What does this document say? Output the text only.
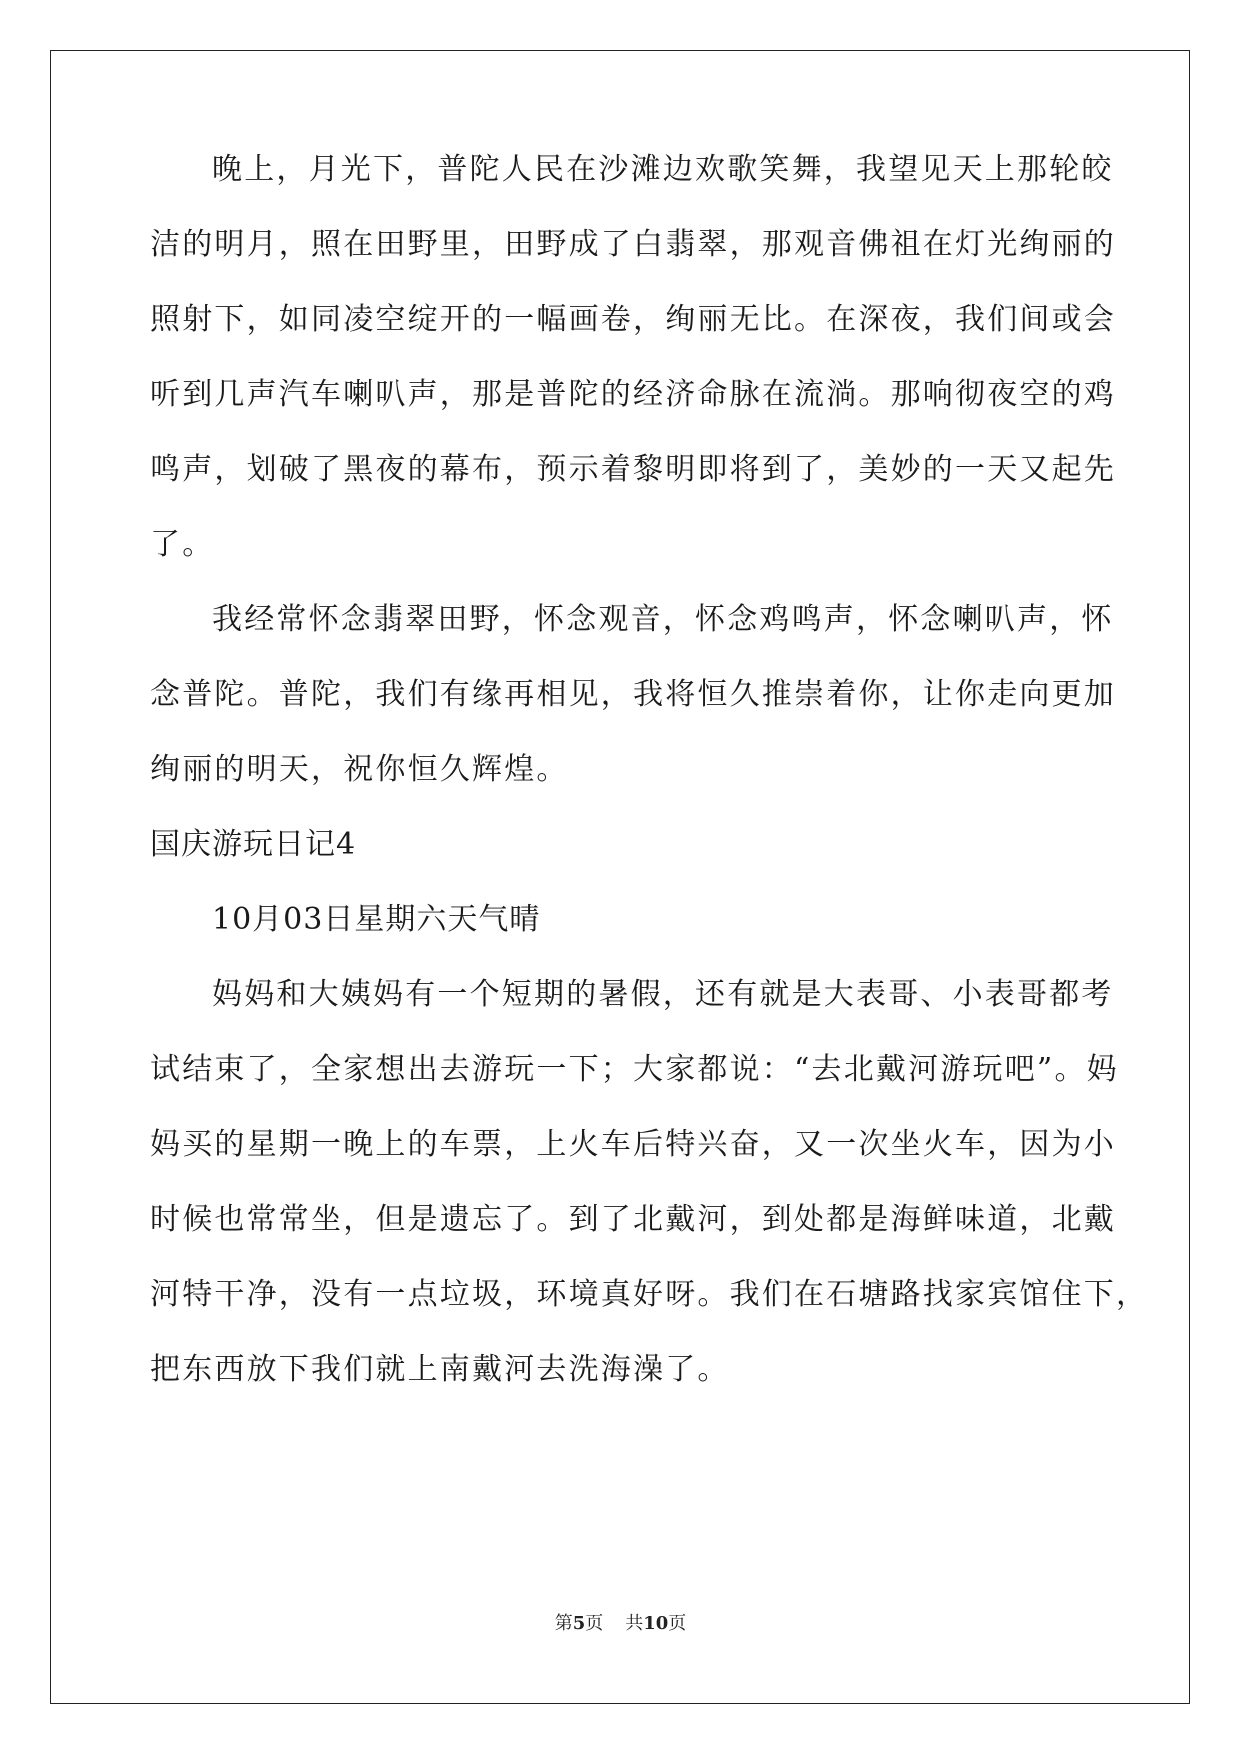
晚上，月光下，普陀人民在沙滩边欢歌笑舞，我望见天上那轮皎
洁的明月，照在田野里，田野成了白翡翠，那观音佛祖在灯光绚丽的
照射下，如同凌空绽开的一幅画卷，绚丽无比。在深夜，我们间或会
听到几声汽车喇叭声，那是普陀的经济命脉在流淌。那响彻夜空的鸡
鸣声，划破了黑夜的幕布，预示着黎明即将到了，美妙的一天又起先
了。
我经常怀念翡翠田野，怀念观音，怀念鸡鸣声，怀念喇叭声，怀
念普陀。普陀，我们有缘再相见，我将恒久推崇着你，让你走向更加
绚丽的明天，祝你恒久辉煌。
国庆游玩日记4
10月03日星期六天气晴
妈妈和大姨妈有一个短期的暑假，还有就是大表哥、小表哥都考
试结束了，全家想出去游玩一下；大家都说：“去北戴河游玩吧”。妈
妈买的星期一晚上的车票，上火车后特兴奋，又一次坐火车，因为小
时候也常常坐，但是遗忘了。到了北戴河，到处都是海鲜味道，北戴
河特干净，没有一点垃圾，环境真好呀。我们在石塘路找家宾馆住下，
把东西放下我们就上南戴河去洗海澡了。
第5页 共10页
